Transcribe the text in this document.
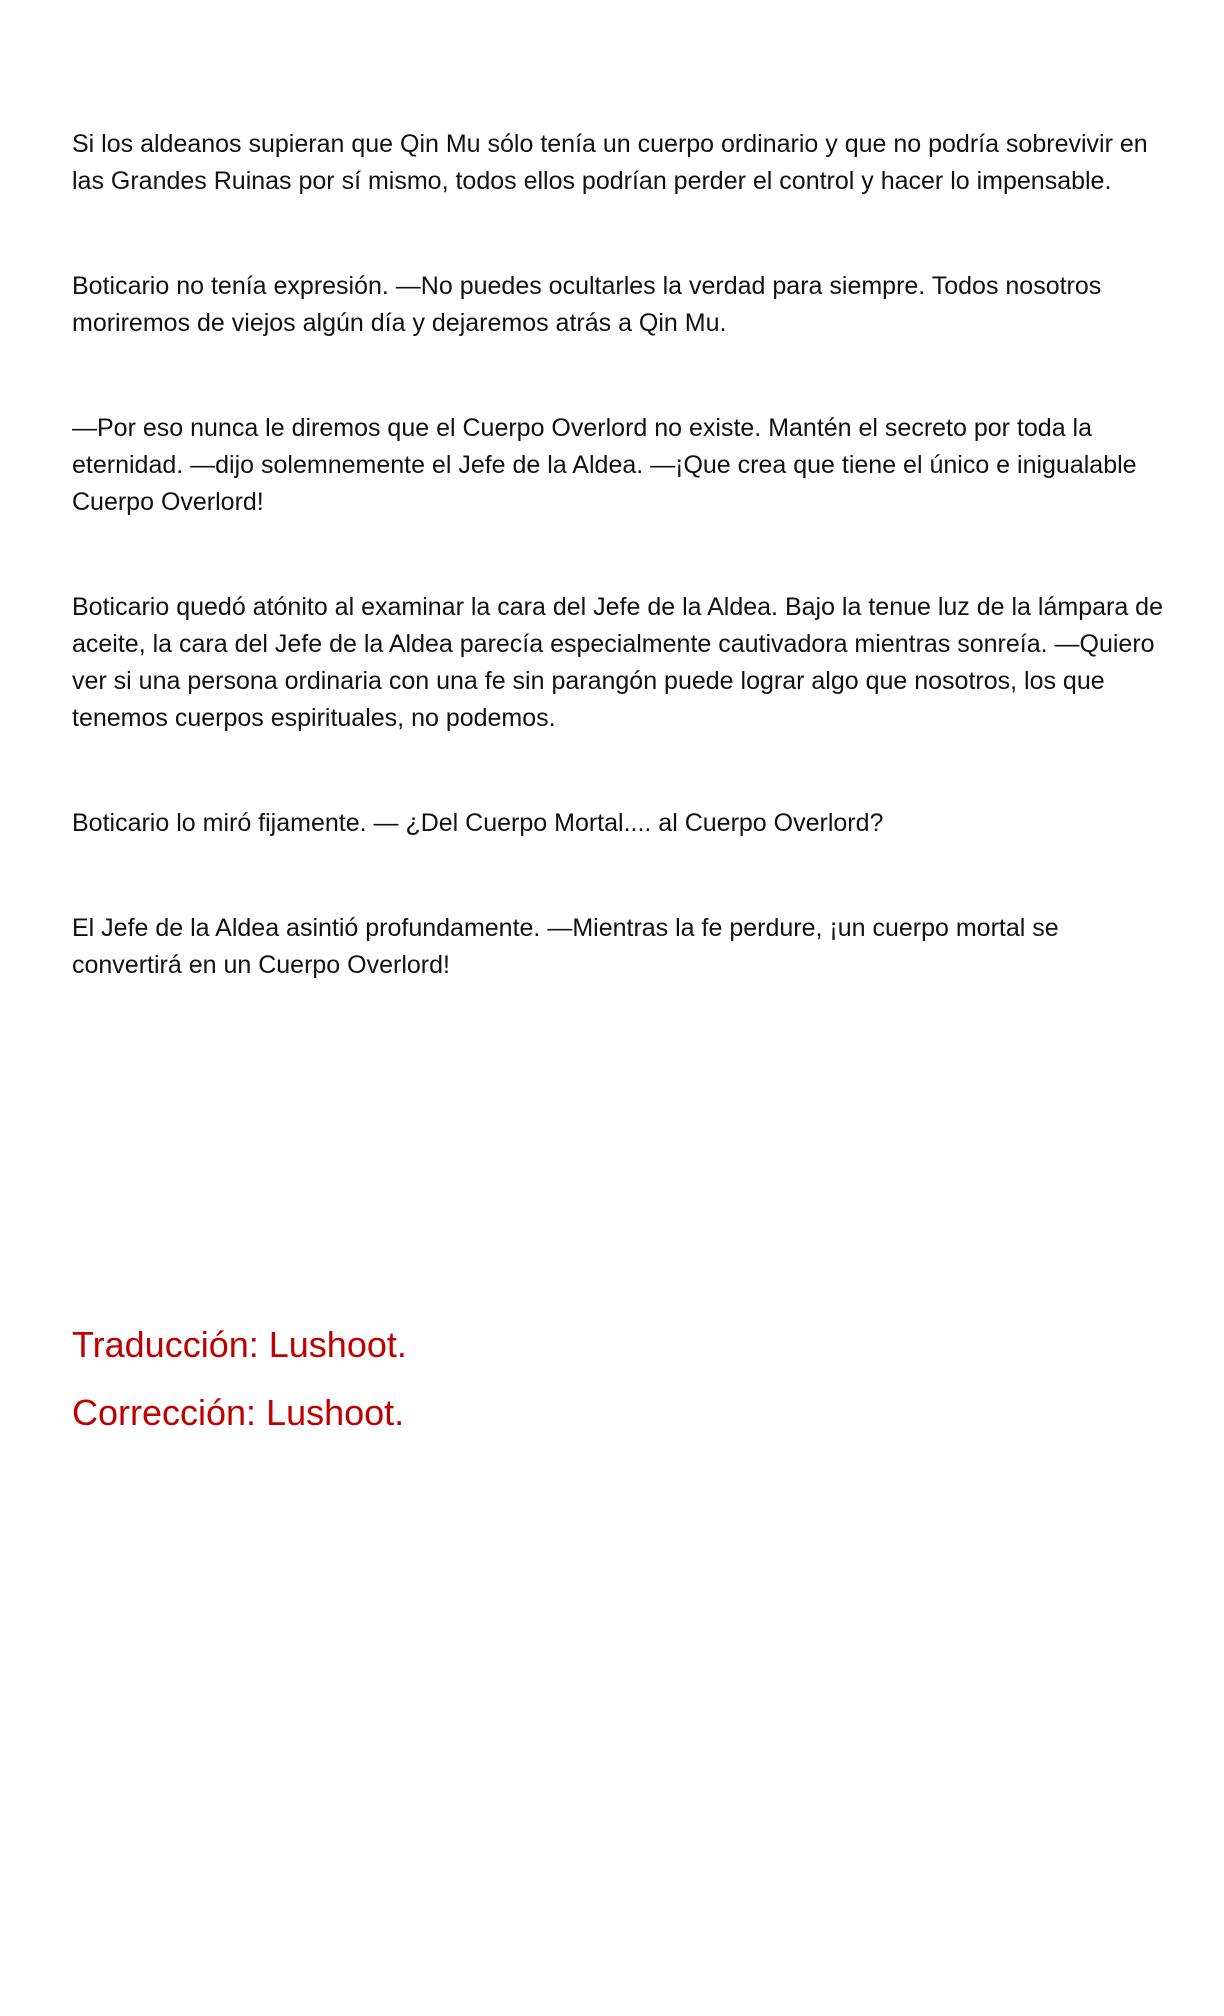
Si los aldeanos supieran que Qin Mu sólo tenía un cuerpo ordinario y que no podría sobrevivir en las Grandes Ruinas por sí mismo, todos ellos podrían perder el control y hacer lo impensable.

Boticario no tenía expresión. —No puedes ocultarles la verdad para siempre. Todos nosotros moriremos de viejos algún día y dejaremos atrás a Qin Mu.

—Por eso nunca le diremos que el Cuerpo Overlord no existe. Mantén el secreto por toda la eternidad. —dijo solemnemente el Jefe de la Aldea. —¡Que crea que tiene el único e inigualable Cuerpo Overlord!

Boticario quedó atónito al examinar la cara del Jefe de la Aldea. Bajo la tenue luz de la lámpara de aceite, la cara del Jefe de la Aldea parecía especialmente cautivadora mientras sonreía. —Quiero ver si una persona ordinaria con una fe sin parangón puede lograr algo que nosotros, los que tenemos cuerpos espirituales, no podemos.

Boticario lo miró fijamente. — ¿Del Cuerpo Mortal.... al Cuerpo Overlord?

El Jefe de la Aldea asintió profundamente. —Mientras la fe perdure, ¡un cuerpo mortal se convertirá en un Cuerpo Overlord!

Traducción: Lushoot.

Corrección: Lushoot.
